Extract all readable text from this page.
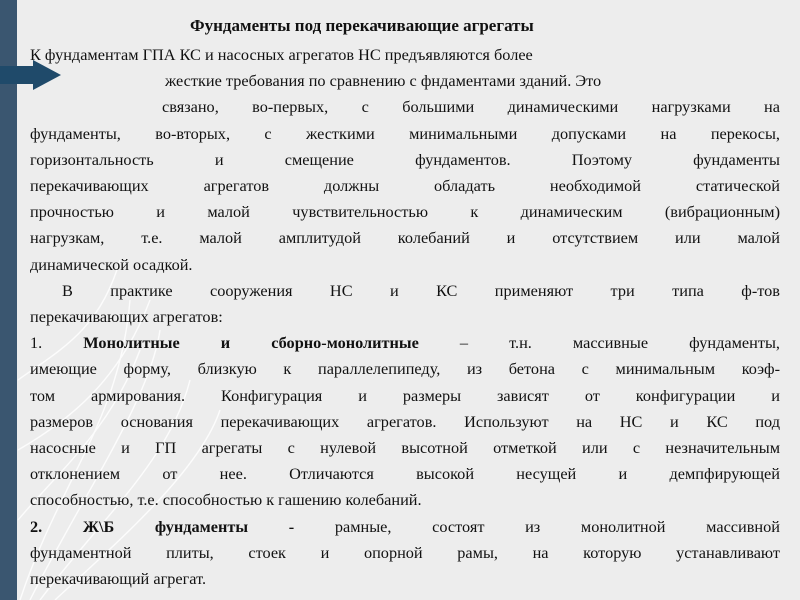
Фундаменты под перекачивающие агрегаты

К фундаментам ГПА КС и насосных агрегатов НС предъявляются более

жесткие требования по сравнению с фндаментами зданий. Это

связано, во-первых, с большими динамическими нагрузками на

фундаменты, во-вторых, с жесткими минимальными допусками на перекосы,

горизонтальность и смещение фундаментов. Поэтому фундаменты

перекачивающих агрегатов должны обладать необходимой статической

прочностью и малой чувствительностью к динамическим (вибрационным)

нагрузкам, т.е. малой амплитудой колебаний и отсутствием или малой

динамической осадкой.

В практике сооружения НС и КС применяют три типа ф-тов

перекачивающих агрегатов:

1.	Монолитные и сборно-монолитные – т.н. массивные фундаменты,

имеющие форму, близкую к параллелепипеду, из бетона с минимальным коэф-

том армирования. Конфигурация и размеры зависят от конфигурации и

размеров основания перекачивающих агрегатов. Используют на НС и КС под

насосные и ГП агрегаты с нулевой высотной отметкой или с незначительным

отклонением от нее. Отличаются высокой несущей и демпфирующей

способностью, т.е. способностью к гашению колебаний.

2. Ж\Б фундаменты - рамные, состоят из монолитной массивной

фундаментной плиты, стоек и опорной рамы, на которую устанавливают

перекачивающий агрегат.
